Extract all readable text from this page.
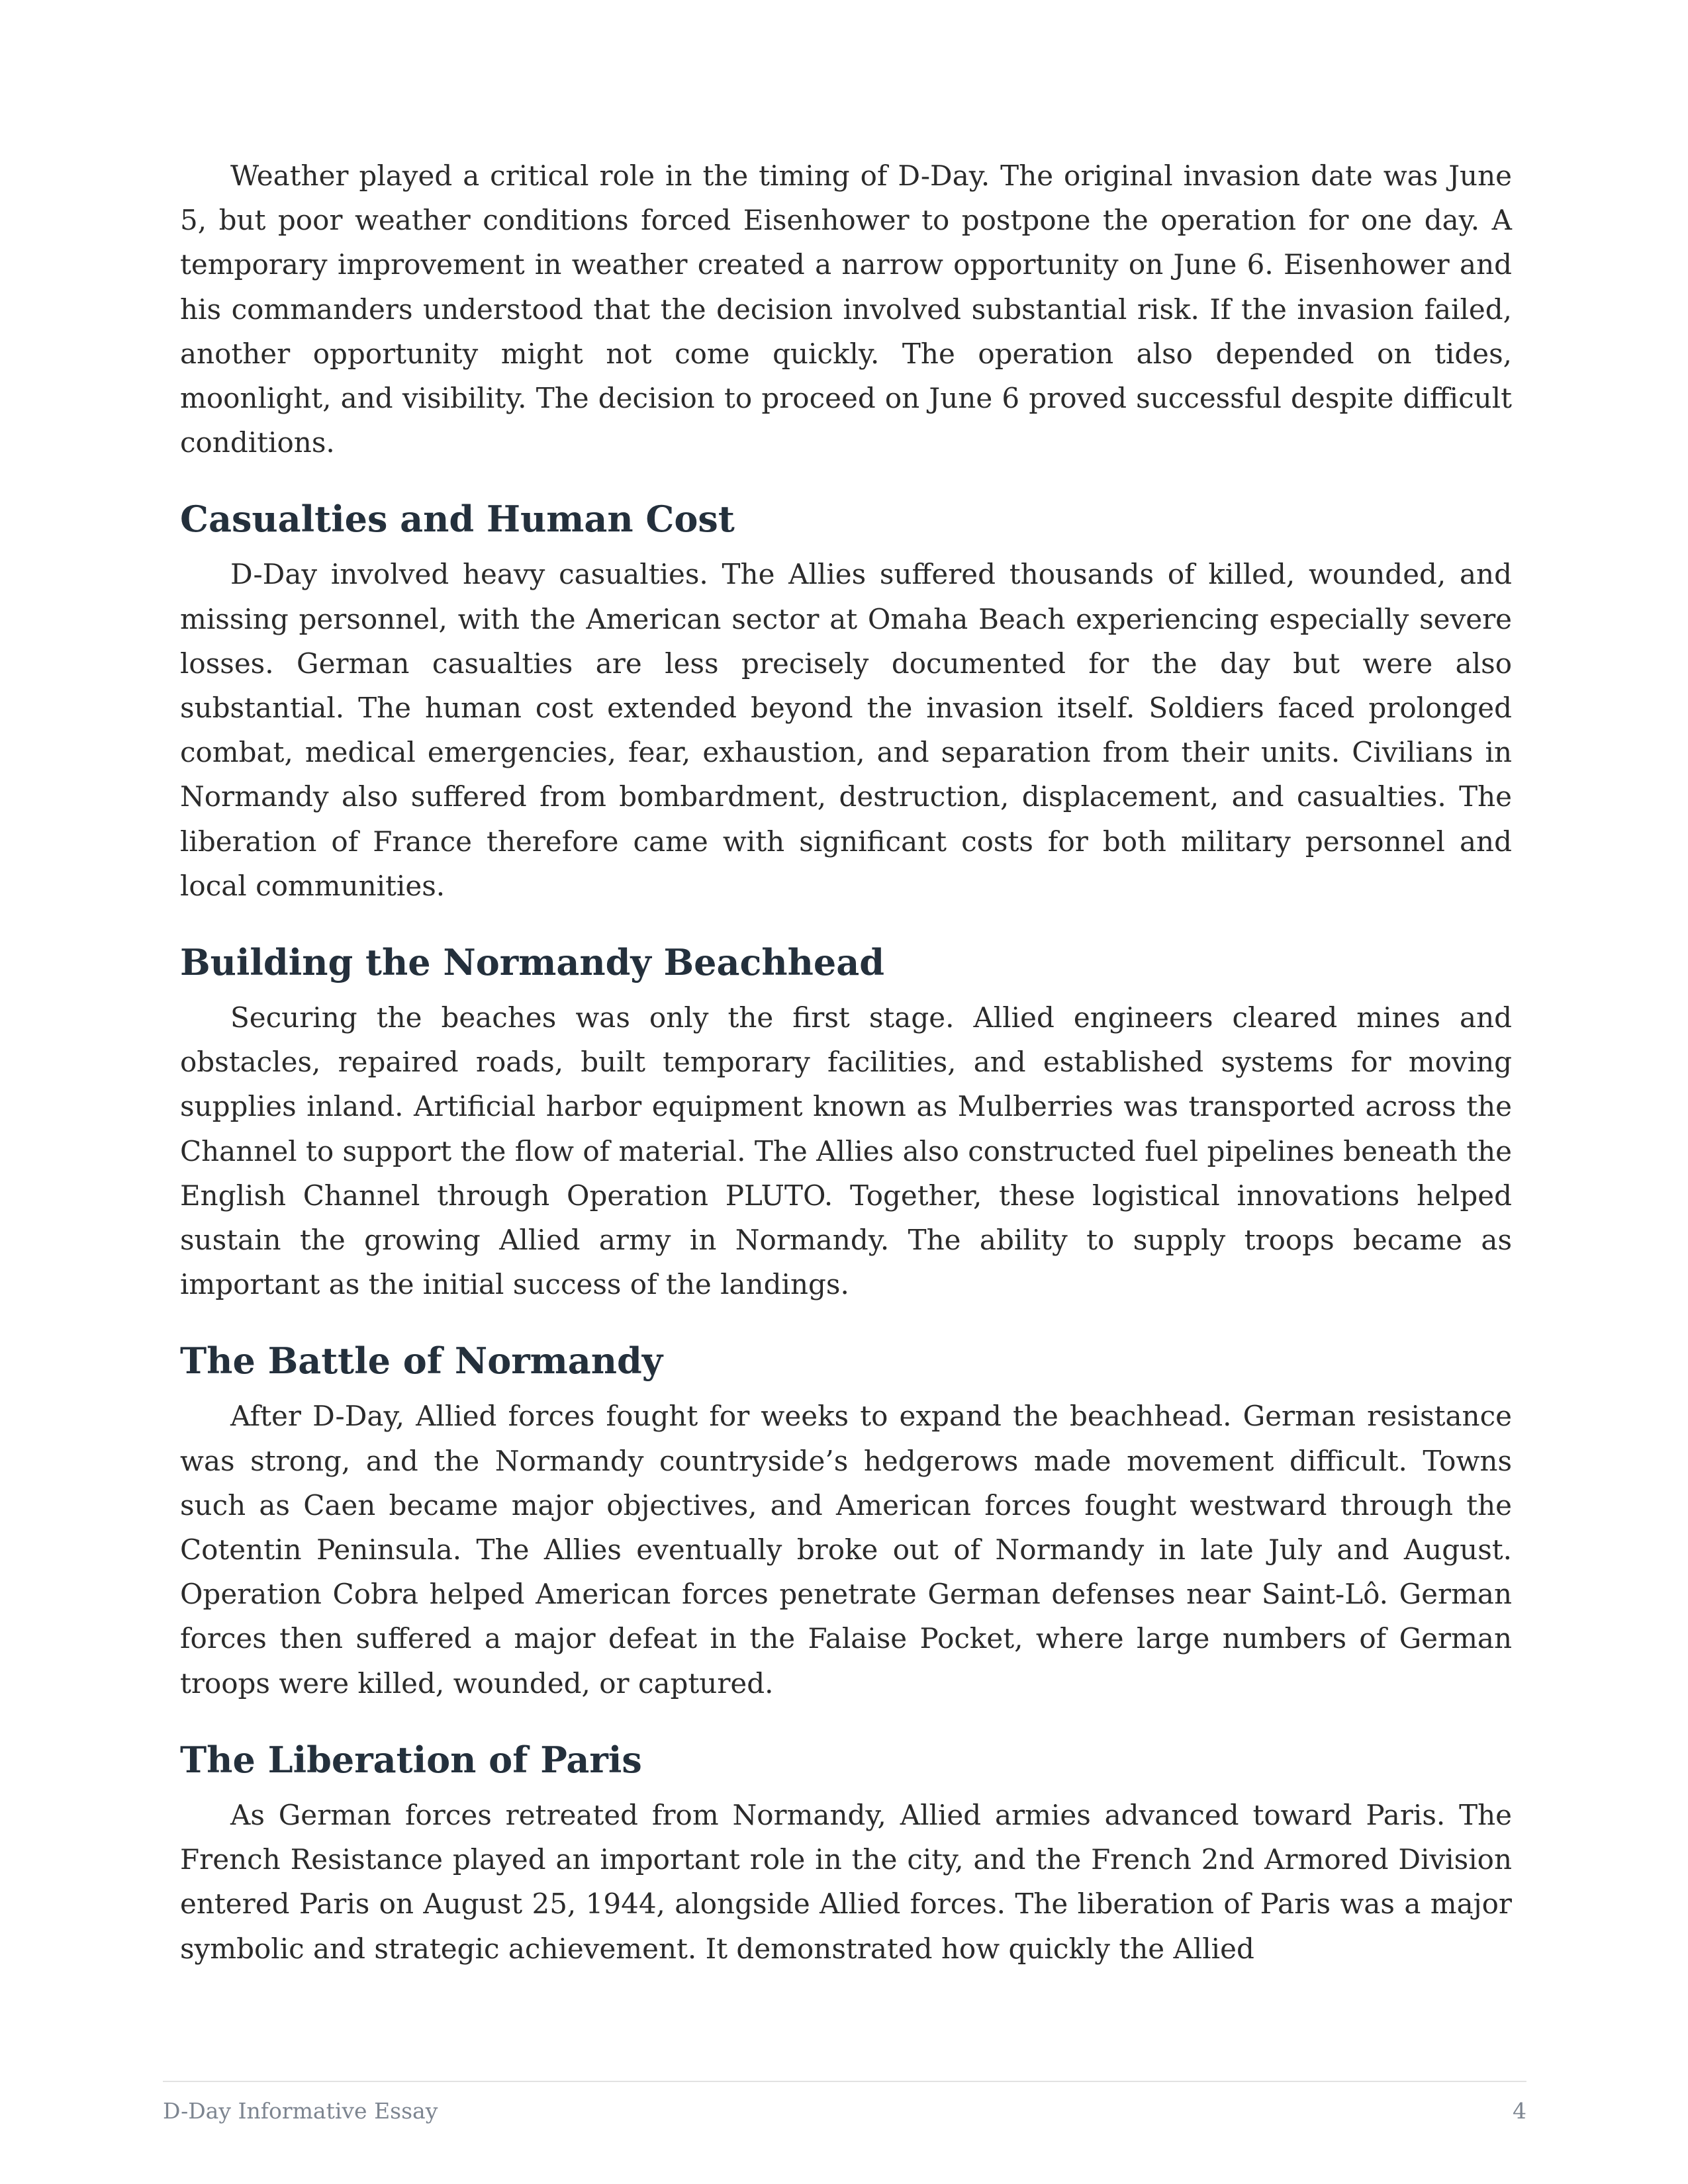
Weather played a critical role in the timing of D-Day. The original invasion date was June 5, but poor weather conditions forced Eisenhower to postpone the operation for one day. A temporary improvement in weather created a narrow opportunity on June 6. Eisenhower and his commanders understood that the decision involved substantial risk. If the invasion failed, another opportunity might not come quickly. The operation also depended on tides, moonlight, and visibility. The decision to proceed on June 6 proved successful despite difficult conditions.

Casualties and Human Cost

D-Day involved heavy casualties. The Allies suffered thousands of killed, wounded, and missing personnel, with the American sector at Omaha Beach experiencing especially severe losses. German casualties are less precisely documented for the day but were also substantial. The human cost extended beyond the invasion itself. Soldiers faced prolonged combat, medical emergencies, fear, exhaustion, and separation from their units. Civilians in Normandy also suffered from bombardment, destruction, displacement, and casualties. The liberation of France therefore came with significant costs for both military personnel and local communities.

Building the Normandy Beachhead

Securing the beaches was only the first stage. Allied engineers cleared mines and obstacles, repaired roads, built temporary facilities, and established systems for moving supplies inland. Artificial harbor equipment known as Mulberries was transported across the Channel to support the flow of material. The Allies also constructed fuel pipelines beneath the English Channel through Operation PLUTO. Together, these logistical innovations helped sustain the growing Allied army in Normandy. The ability to supply troops became as important as the initial success of the landings.

The Battle of Normandy

After D-Day, Allied forces fought for weeks to expand the beachhead. German resistance was strong, and the Normandy countryside’s hedgerows made movement difficult. Towns such as Caen became major objectives, and American forces fought westward through the Cotentin Peninsula. The Allies eventually broke out of Normandy in late July and August. Operation Cobra helped American forces penetrate German defenses near Saint-Lô. German forces then suffered a major defeat in the Falaise Pocket, where large numbers of German troops were killed, wounded, or captured.

The Liberation of Paris

As German forces retreated from Normandy, Allied armies advanced toward Paris. The French Resistance played an important role in the city, and the French 2nd Armored Division entered Paris on August 25, 1944, alongside Allied forces. The liberation of Paris was a major symbolic and strategic achievement. It demonstrated how quickly the Allied

D-Day Informative Essay	4
